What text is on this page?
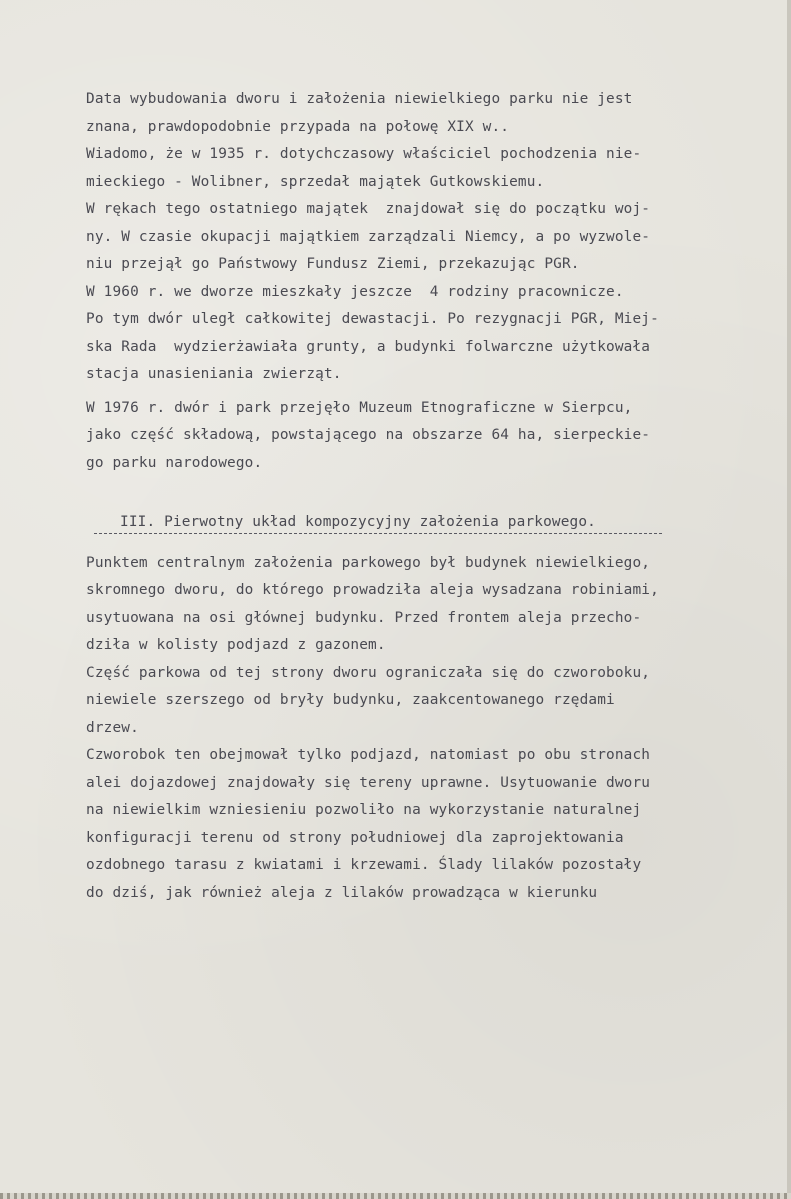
Data wybudowania dworu i założenia niewielkiego parku nie jest
znana, prawdopodobnie przypada na połowę XIX w..
Wiadomo, że w 1935 r. dotychczasowy właściciel pochodzenia nie-
mieckiego - Wolibner, sprzedał majątek Gutkowskiemu.
W rękach tego ostatniego majątek  znajdował się do początku woj-
ny. W czasie okupacji majątkiem zarządzali Niemcy, a po wyzwole-
niu przejął go Państwowy Fundusz Ziemi, przekazując PGR.
W 1960 r. we dworze mieszkały jeszcze  4 rodziny pracownicze.
Po tym dwór uległ całkowitej dewastacji. Po rezygnacji PGR, Miej-
ska Rada  wydzierżawiała grunty, a budynki folwarczne użytkowała
stacja unasieniania zwierząt.
W 1976 r. dwór i park przejęło Muzeum Etnograficzne w Sierpcu,
jako część składową, powstającego na obszarze 64 ha, sierpeckie-
go parku narodowego.
III. Pierwotny układ kompozycyjny założenia parkowego.
Punktem centralnym założenia parkowego był budynek niewielkiego,
skromnego dworu, do którego prowadziła aleja wysadzana robiniami,
usytuowana na osi głównej budynku. Przed frontem aleja przecho-
dziła w kolisty podjazd z gazonem.
Część parkowa od tej strony dworu ograniczała się do czworoboku,
niewiele szerszego od bryły budynku, zaakcentowanego rzędami
drzew.
Czworobok ten obejmował tylko podjazd, natomiast po obu stronach
alei dojazdowej znajdowały się tereny uprawne. Usytuowanie dworu
na niewielkim wzniesieniu pozwoliło na wykorzystanie naturalnej
konfiguracji terenu od strony południowej dla zaprojektowania
ozdobnego tarasu z kwiatami i krzewami. Ślady lilaków pozostały
do dziś, jak również aleja z lilaków prowadząca w kierunku
